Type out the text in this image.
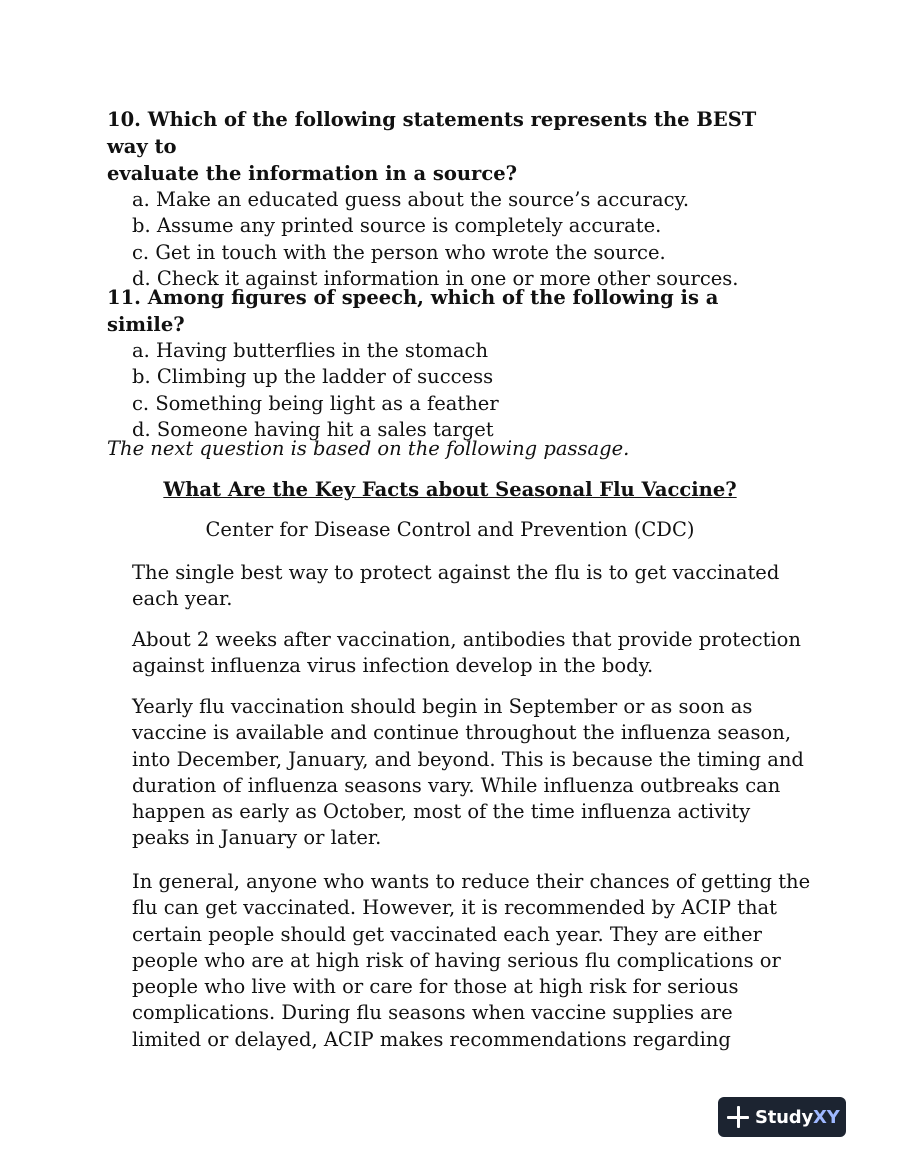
10. Which of the following statements represents the BEST way to
evaluate the information in a source?

a. Make an educated guess about the source’s accuracy.
b. Assume any printed source is completely accurate.
c. Get in touch with the person who wrote the source.
d. Check it against information in one or more other sources.

11. Among figures of speech, which of the following is a simile?

a. Having butterflies in the stomach
b. Climbing up the ladder of success
c. Something being light as a feather
d. Someone having hit a sales target

The next question is based on the following passage.

What Are the Key Facts about Seasonal Flu Vaccine?

Center for Disease Control and Prevention (CDC)

The single best way to protect against the flu is to get vaccinated
each year.

About 2 weeks after vaccination, antibodies that provide protection
against influenza virus infection develop in the body.

Yearly flu vaccination should begin in September or as soon as
vaccine is available and continue throughout the influenza season,
into December, January, and beyond. This is because the timing and
duration of influenza seasons vary. While influenza outbreaks can
happen as early as October, most of the time influenza activity
peaks in January or later.

In general, anyone who wants to reduce their chances of getting the
flu can get vaccinated. However, it is recommended by ACIP that
certain people should get vaccinated each year. They are either
people who are at high risk of having serious flu complications or
people who live with or care for those at high risk for serious
complications. During flu seasons when vaccine supplies are
limited or delayed, ACIP makes recommendations regarding

StudyXY
